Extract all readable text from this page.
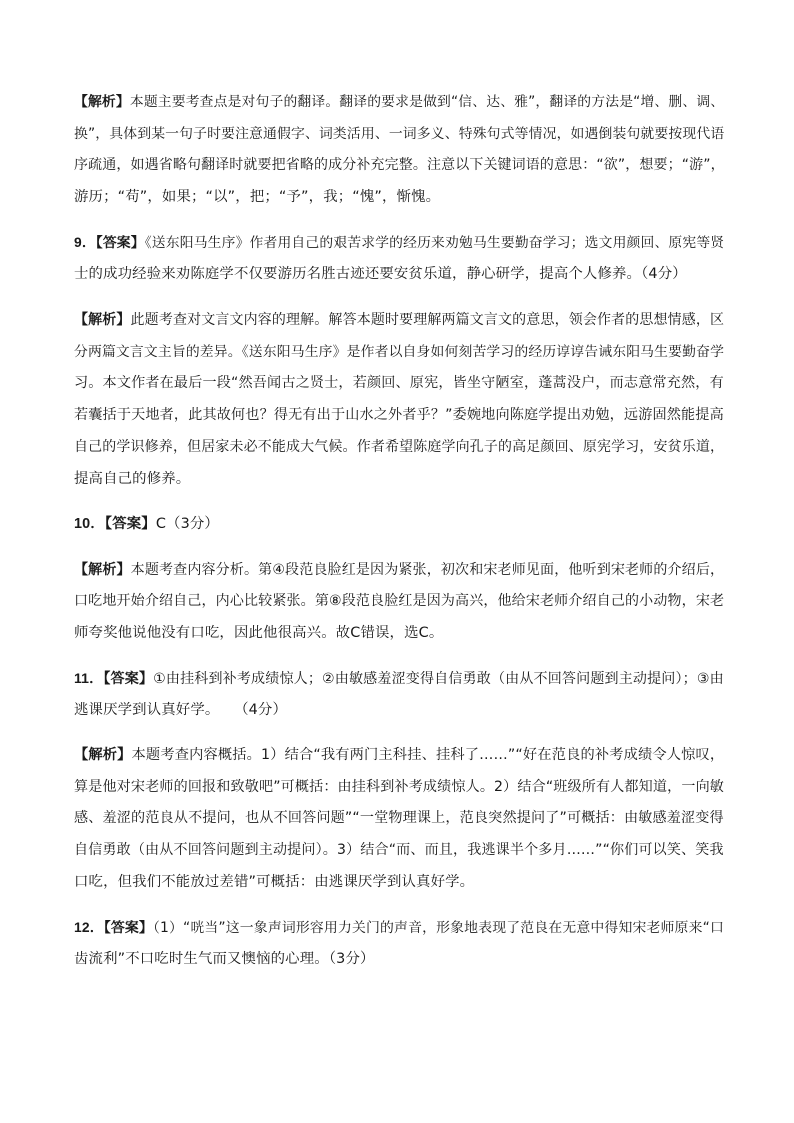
【解析】本题主要考查点是对句子的翻译。翻译的要求是做到“信、达、雅”，翻译的方法是“增、删、调、
换”，具体到某一句子时要注意通假字、词类活用、一词多义、特殊句式等情况，如遇倒装句就要按现代语
序疏通，如遇省略句翻译时就要把省略的成分补充完整。注意以下关键词语的意思：“欲”，想要；“游”，
游历；“苟”，如果；“以”，把；“予”，我；“愧”，惭愧。
9．【答案】《送东阳马生序》作者用自己的艰苦求学的经历来劝勉马生要勤奋学习；选文用颜回、原宪等贤
士的成功经验来劝陈庭学不仅要游历名胜古迹还要安贫乐道，静心研学，提高个人修养。（4分）
【解析】此题考查对文言文内容的理解。解答本题时要理解两篇文言文的意思，领会作者的思想情感，区
分两篇文言文主旨的差异。《送东阳马生序》是作者以自身如何刻苦学习的经历谆谆告诫东阳马生要勤奋学
习。本文作者在最后一段“然吾闻古之贤士，若颜回、原宪，皆坐守陋室，蓬蒿没户，而志意常充然，有
若囊括于天地者，此其故何也？得无有出于山水之外者乎？”委婉地向陈庭学提出劝勉，远游固然能提高
自己的学识修养，但居家未必不能成大气候。作者希望陈庭学向孔子的高足颜回、原宪学习，安贫乐道，
提高自己的修养。
10．【答案】C（3分）
【解析】本题考查内容分析。第④段范良脸红是因为紧张，初次和宋老师见面，他听到宋老师的介绍后，
口吃地开始介绍自己，内心比较紧张。第⑧段范良脸红是因为高兴，他给宋老师介绍自己的小动物，宋老
师夸奖他说他没有口吃，因此他很高兴。故C错误，选C。
11．【答案】①由挂科到补考成绩惊人；②由敏感羞涩变得自信勇敢（由从不回答问题到主动提问）；③由
逃课厌学到认真好学。　　（4分）
【解析】本题考查内容概括。1）结合“我有两门主科挂、挂科了……”“好在范良的补考成绩令人惊叹，
算是他对宋老师的回报和致敬吧”可概括：由挂科到补考成绩惊人。2）结合“班级所有人都知道，一向敏
感、羞涩的范良从不提问，也从不回答问题”“一堂物理课上，范良突然提问了”可概括：由敏感羞涩变得
自信勇敢（由从不回答问题到主动提问）。3）结合“而、而且，我逃课半个多月……”“你们可以笑、笑我
口吃，但我们不能放过差错”可概括：由逃课厌学到认真好学。
12．【答案】（1）“咣当”这一象声词形容用力关门的声音，形象地表现了范良在无意中得知宋老师原来“口
齿流利”不口吃时生气而又懊恼的心理。（3分）
